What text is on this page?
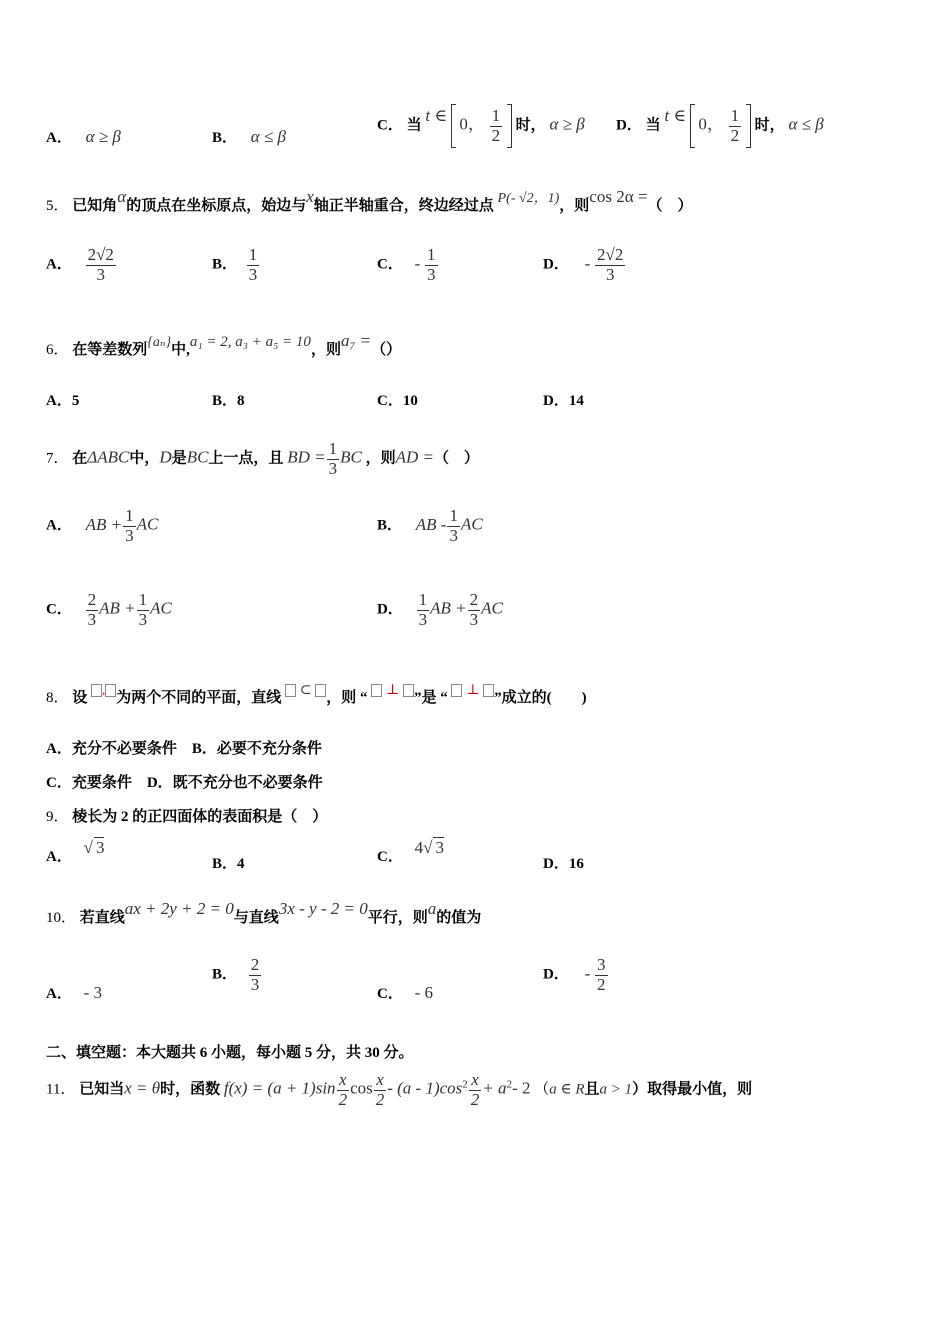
A． α ≥ β	B． α ≤ β
C． 当 t ∈ 0， $\frac{1}{2}$ 时， α ≥ β D． 当 t ∈ 0， $\frac{1}{2}$ 时， α ≤ β
5． 已知角α的顶点在坐标原点，始边与x轴正半轴重合，终边经过点 P(- √2，1)，则cos 2α =（　）
A． $\frac{2√2}{3}$	B． $\frac{1}{3}$	C． - $\frac{1}{3}$	D． - $\frac{2√2}{3}$
6． 在等差数列{aₙ}中,a₁ = 2, a₃ + a₅ = 10，则a₇ =（）
A．5	B．8	C．10	D．14
7． 在ΔABC中，D是BC上一点，且 BD = $\frac{1}{3}$ BC ，则AD =（　）
A． AB + $\frac{1}{3}$ AC	B． AB - $\frac{1}{3}$ AC
C． $\frac{2}{3}$ AB + $\frac{1}{3}$ AC	D． $\frac{1}{3}$ AB + $\frac{2}{3}$ AC
8． 设 ,为两个不同的平面，直线 ⊂ ，则 “ ⊥ ”是 “ ⊥ ”成立的(　　)
A．充分不必要条件　B．必要不充分条件
C．充要条件　D．既不充分也不必要条件
9． 棱长为 2 的正四面体的表面积是（　）
A． √ 3
B．4	C． 4√ 3
D．16
10． 若直线ax + 2y + 2 = 0与直线3x - y - 2 = 0平行，则a的值为
A． - 3
B． $\frac{2}{3}$	C． - 6
D． - $\frac{3}{2}$
二、填空题：本大题共 6 小题，每小题 5 分，共 30 分。
11． 已知当x = θ时，函数 $f(x) = (a + 1)\sin \frac{x}{2}$ $\cos \frac{x}{2} - (a - 1)\cos^2 \frac{x}{2} + a^2-$ 2 （a ∈ R且a > 1）取得最小值，则
